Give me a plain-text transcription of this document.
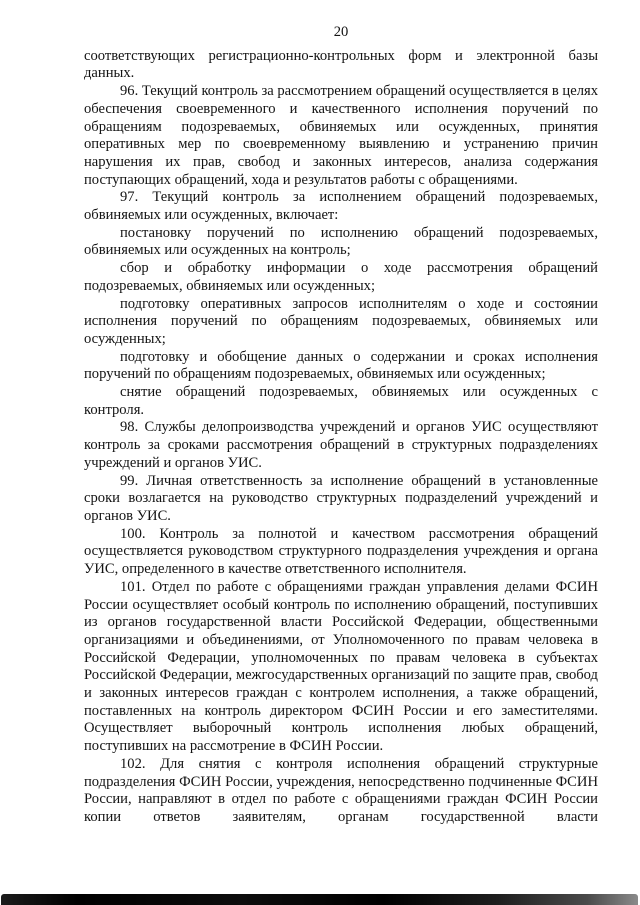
20

соответствующих регистрационно-контрольных форм и электронной базы данных.

96. Текущий контроль за рассмотрением обращений осуществляется в целях обеспечения своевременного и качественного исполнения поручений по обращениям подозреваемых, обвиняемых или осужденных, принятия оперативных мер по своевременному выявлению и устранению причин нарушения их прав, свобод и законных интересов, анализа содержания поступающих обращений, хода и результатов работы с обращениями.

97. Текущий контроль за исполнением обращений подозреваемых, обвиняемых или осужденных, включает:

постановку поручений по исполнению обращений подозреваемых, обвиняемых или осужденных на контроль;

сбор и обработку информации о ходе рассмотрения обращений подозреваемых, обвиняемых или осужденных;

подготовку оперативных запросов исполнителям о ходе и состоянии исполнения поручений по обращениям подозреваемых, обвиняемых или осужденных;

подготовку и обобщение данных о содержании и сроках исполнения поручений по обращениям подозреваемых, обвиняемых или осужденных;

снятие обращений подозреваемых, обвиняемых или осужденных с контроля.

98. Службы делопроизводства учреждений и органов УИС осуществляют контроль за сроками рассмотрения обращений в структурных подразделениях учреждений и органов УИС.

99. Личная ответственность за исполнение обращений в установленные сроки возлагается на руководство структурных подразделений учреждений и органов УИС.

100. Контроль за полнотой и качеством рассмотрения обращений осуществляется руководством структурного подразделения учреждения и органа УИС, определенного в качестве ответственного исполнителя.

101. Отдел по работе с обращениями граждан управления делами ФСИН России осуществляет особый контроль по исполнению обращений, поступивших из органов государственной власти Российской Федерации, общественными организациями и объединениями, от Уполномоченного по правам человека в Российской Федерации, уполномоченных по правам человека в субъектах Российской Федерации, межгосударственных организаций по защите прав, свобод и законных интересов граждан с контролем исполнения, а также обращений, поставленных на контроль директором ФСИН России и его заместителями. Осуществляет выборочный контроль исполнения любых обращений, поступивших на рассмотрение в ФСИН России.

102. Для снятия с контроля исполнения обращений структурные подразделения ФСИН России, учреждения, непосредственно подчиненные ФСИН России, направляют в отдел по работе с обращениями граждан ФСИН России копии ответов заявителям, органам государственной власти
